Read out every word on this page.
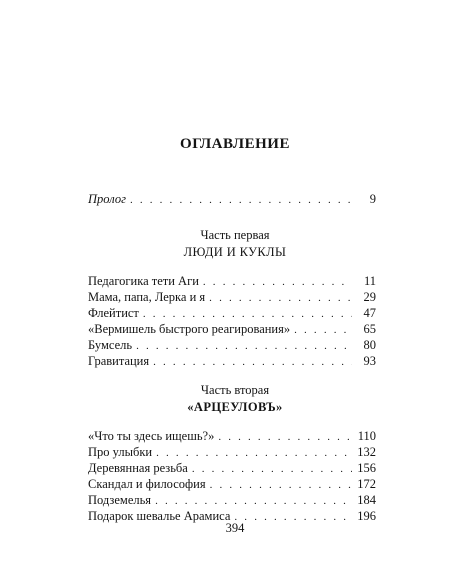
ОГЛАВЛЕНИЕ
Пролог . . .	9
Часть первая
ЛЮДИ И КУКЛЫ
Педагогика тети Аги . . .	11
Мама, папа, Лерка и я . . .	29
Флейтист . . .	47
«Вермишель быстрого реагирования» . . .	65
Бумсель . . .	80
Гравитация . . .	93
Часть вторая
«АРЦЕУЛОВЪ»
«Что ты здесь ищешь?» . . .	110
Про улыбки . . .	132
Деревянная резьба . . .	156
Скандал и философия . . .	172
Подземелья . . .	184
Подарок шевалье Арамиса . . .	196
394
